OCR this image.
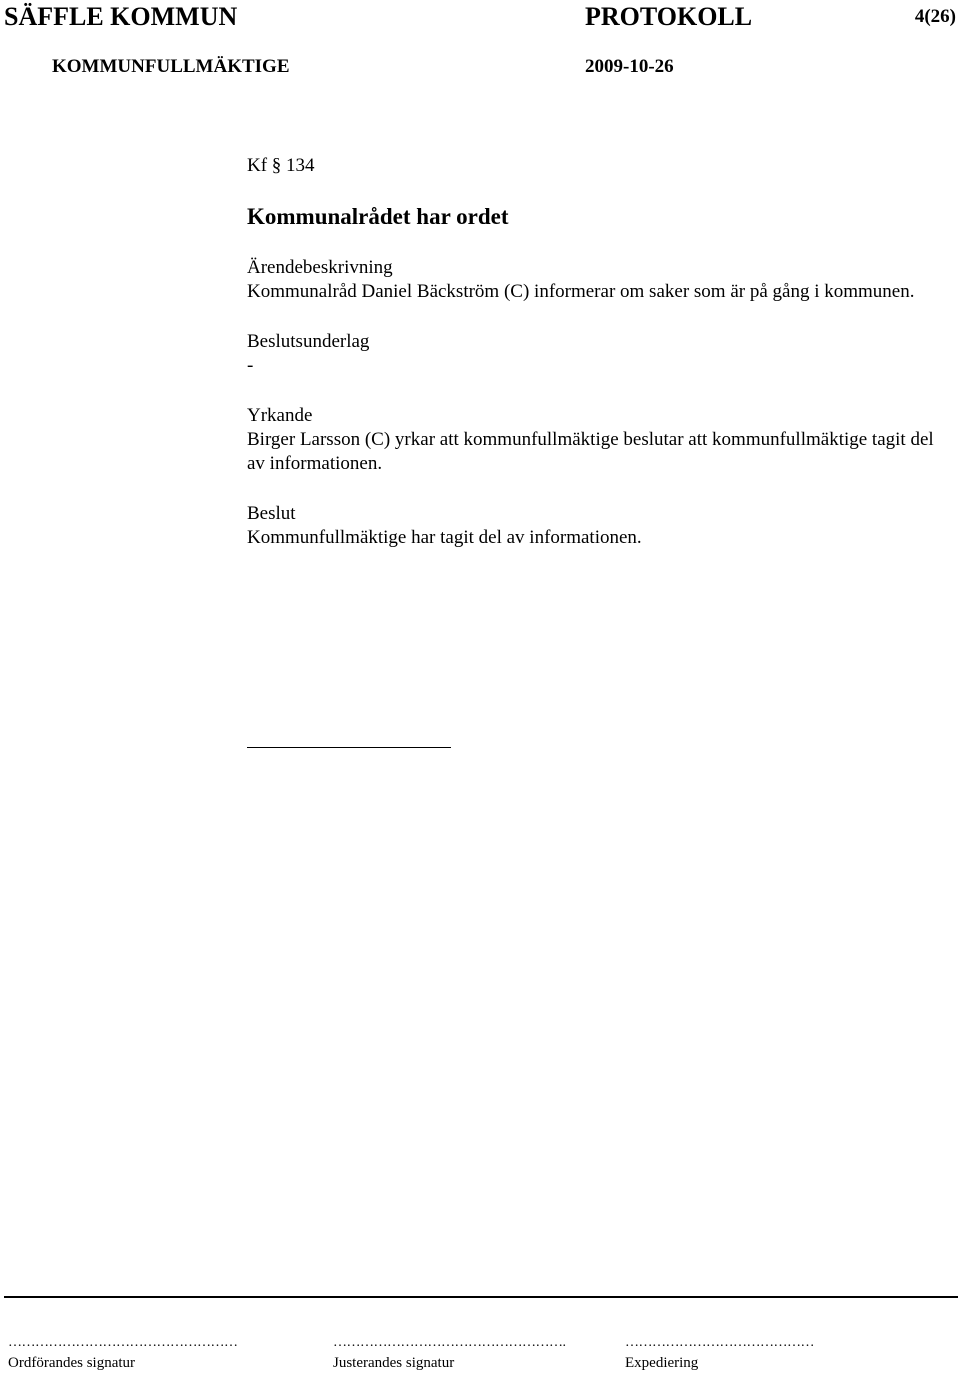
SÄFFLE KOMMUN	PROTOKOLL	4(26)
KOMMUNFULLMÄKTIGE	2009-10-26

Kf § 134

Kommunalrådet har ordet

Ärendebeskrivning

Kommunalråd Daniel Bäckström (C) informerar om saker som är på gång i kommunen.

Beslutsunderlag

-

Yrkande

Birger Larsson (C) yrkar att kommunfullmäktige beslutar att kommunfullmäktige tagit del av informationen.

Beslut

Kommunfullmäktige har tagit del av informationen.

……………………………………………	…………………………………………….	……………………………………
Ordförandes signatur	Justerandes signatur	Expediering
